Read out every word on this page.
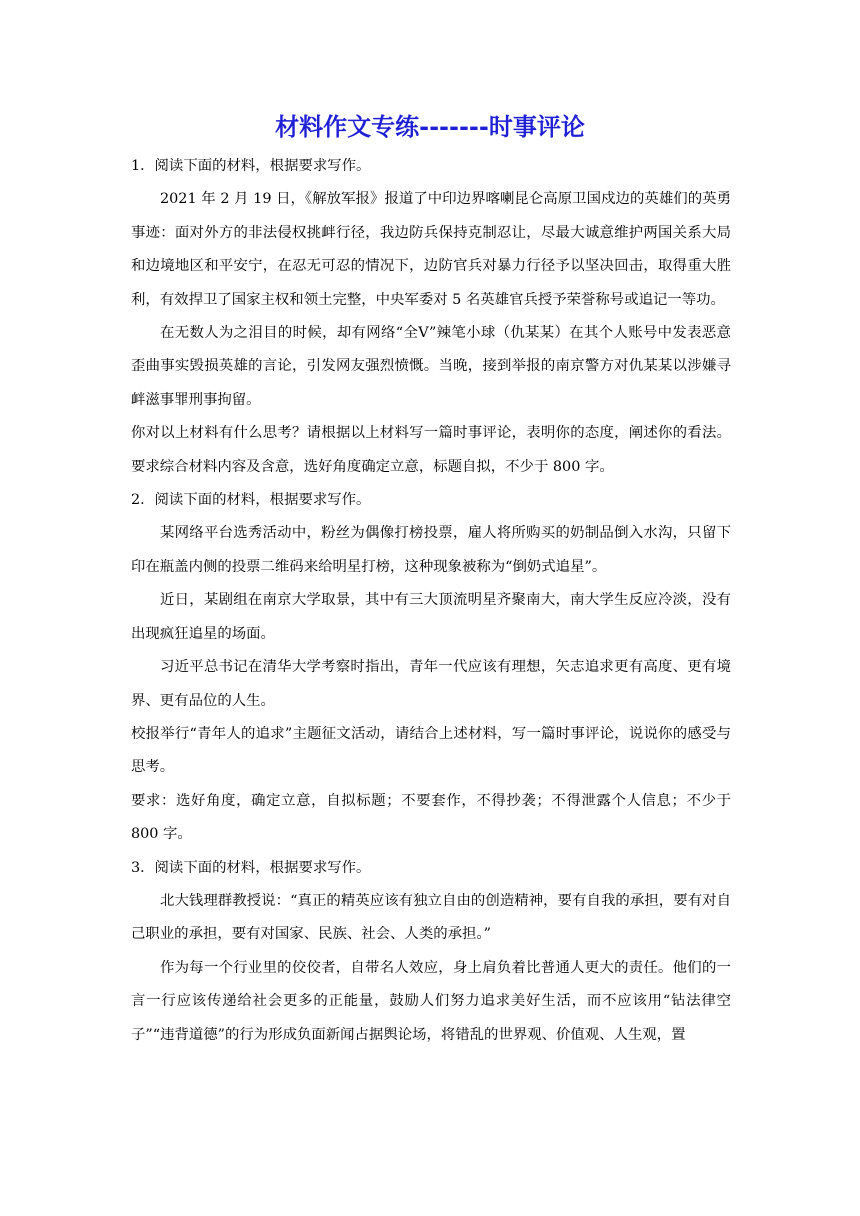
材料作文专练-------时事评论

1．阅读下面的材料，根据要求写作。

2021 年 2 月 19 日，《解放军报》报道了中印边界喀喇昆仑高原卫国戍边的英雄们的英勇事迹：面对外方的非法侵权挑衅行径，我边防兵保持克制忍让，尽最大诚意维护两国关系大局和边境地区和平安宁，在忍无可忍的情况下，边防官兵对暴力行径予以坚决回击，取得重大胜利，有效捍卫了国家主权和领土完整，中央军委对 5 名英雄官兵授予荣誉称号或追记一等功。

在无数人为之泪目的时候，却有网络“全Ⅴ”辣笔小球（仇某某）在其个人账号中发表恶意歪曲事实毁损英雄的言论，引发网友强烈愤慨。当晚，接到举报的南京警方对仇某某以涉嫌寻衅滋事罪刑事拘留。

你对以上材料有什么思考？请根据以上材料写一篇时事评论，表明你的态度，阐述你的看法。要求综合材料内容及含意，选好角度确定立意，标题自拟，不少于 800 字。

2．阅读下面的材料，根据要求写作。

某网络平台选秀活动中，粉丝为偶像打榜投票，雇人将所购买的奶制品倒入水沟，只留下印在瓶盖内侧的投票二维码来给明星打榜，这种现象被称为“倒奶式追星”。

近日，某剧组在南京大学取景，其中有三大顶流明星齐聚南大，南大学生反应冷淡，没有出现疯狂追星的场面。

习近平总书记在清华大学考察时指出，青年一代应该有理想，矢志追求更有高度、更有境界、更有品位的人生。

校报举行“青年人的追求”主题征文活动，请结合上述材料，写一篇时事评论，说说你的感受与思考。

要求：选好角度，确定立意，自拟标题；不要套作，不得抄袭；不得泄露个人信息；不少于 800 字。

3．阅读下面的材料，根据要求写作。

北大钱理群教授说：“真正的精英应该有独立自由的创造精神，要有自我的承担，要有对自己职业的承担，要有对国家、民族、社会、人类的承担。”

作为每一个行业里的佼佼者，自带名人效应，身上肩负着比普通人更大的责任。他们的一言一行应该传递给社会更多的正能量，鼓励人们努力追求美好生活，而不应该用“钻法律空子”“违背道德”的行为形成负面新闻占据舆论场，将错乱的世界观、价值观、人生观，置
